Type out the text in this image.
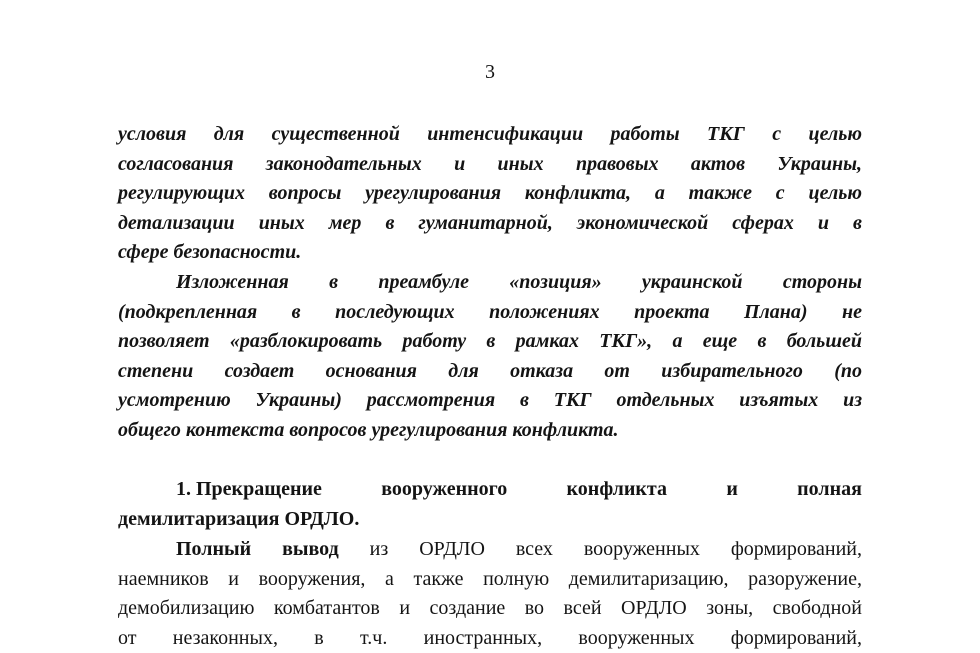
3
условия для существенной интенсификации работы ТКГ с целью
согласования законодательных и иных правовых актов Украины,
регулирующих вопросы урегулирования конфликта, а также с целью
детализации иных мер в гуманитарной, экономической сферах и в
сфере безопасности.
Изложенная в преамбуле «позиция» украинской стороны
(подкрепленная в последующих положениях проекта Плана) не
позволяет «разблокировать работу в рамках ТКГ», а еще в большей
степени создает основания для отказа от избирательного (по
усмотрению Украины) рассмотрения в ТКГ отдельных изъятых из
общего контекста вопросов урегулирования конфликта.
1. Прекращение	вооруженного	конфликта	и	полная
демилитаризация ОРДЛО.
Полный вывод из ОРДЛО всех вооруженных формирований,
наемников и вооружения, а также полную демилитаризацию, разоружение,
демобилизацию комбатантов и создание во всей ОРДЛО зоны, свободной
от незаконных, в т.ч. иностранных, вооруженных формирований,
